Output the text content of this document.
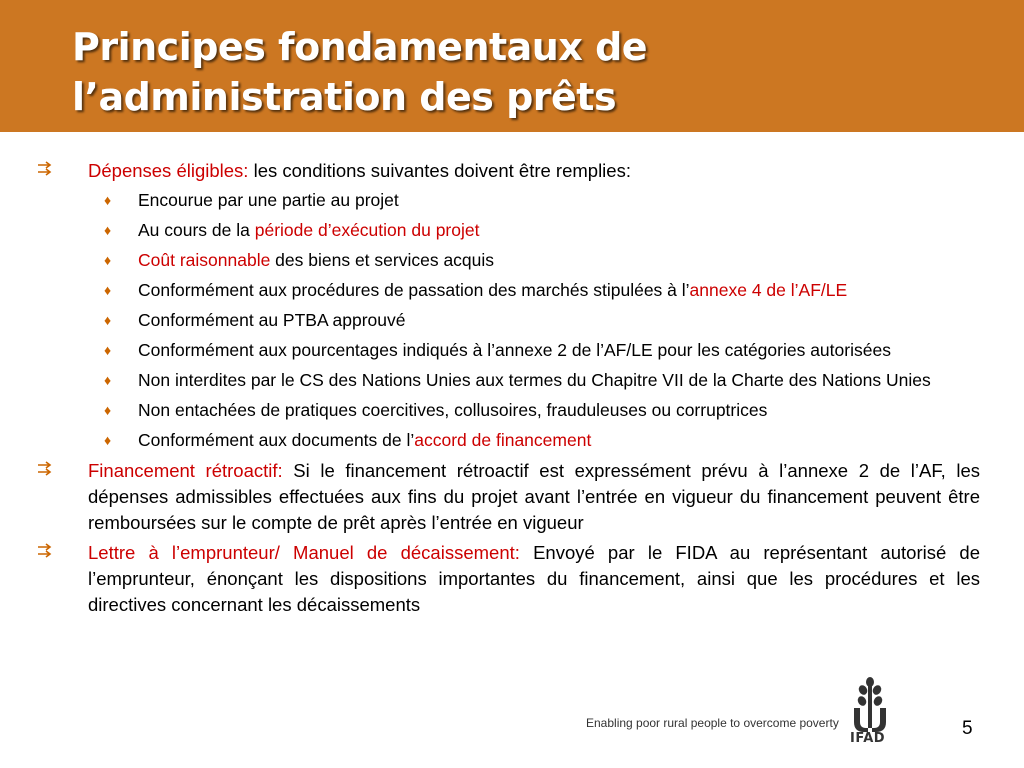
Principes fondamentaux de
l’administration des prêts
Dépenses éligibles: les conditions suivantes doivent être remplies:
♦ Encourue par une partie au projet
♦ Au cours de la période d’exécution du projet
♦ Coût raisonnable des biens et services acquis
♦ Conformément aux procédures de passation des marchés stipulées à l’annexe 4 de l’AF/LE
♦ Conformément au PTBA approuvé
♦ Conformément aux pourcentages indiqués à l’annexe 2 de l’AF/LE pour les catégories autorisées
♦ Non interdites par le CS des Nations Unies aux termes du Chapitre VII de la Charte des Nations Unies
♦ Non entachées de pratiques coercitives, collusoires, frauduleuses ou corruptrices
♦ Conformément aux documents de l’accord de financement
Financement rétroactif: Si le financement rétroactif est expressément prévu à l’annexe 2 de l’AF, les dépenses admissibles effectuées aux fins du projet avant l’entrée en vigueur du financement peuvent être remboursées sur le compte de prêt après l’entrée en vigueur
Lettre à l’emprunteur/ Manuel de décaissement: Envoyé par le FIDA au représentant autorisé de l’emprunteur, énonçant les dispositions importantes du financement, ainsi que les procédures et les directives concernant les décaissements
Enabling poor rural people to overcome poverty
IFAD	5
